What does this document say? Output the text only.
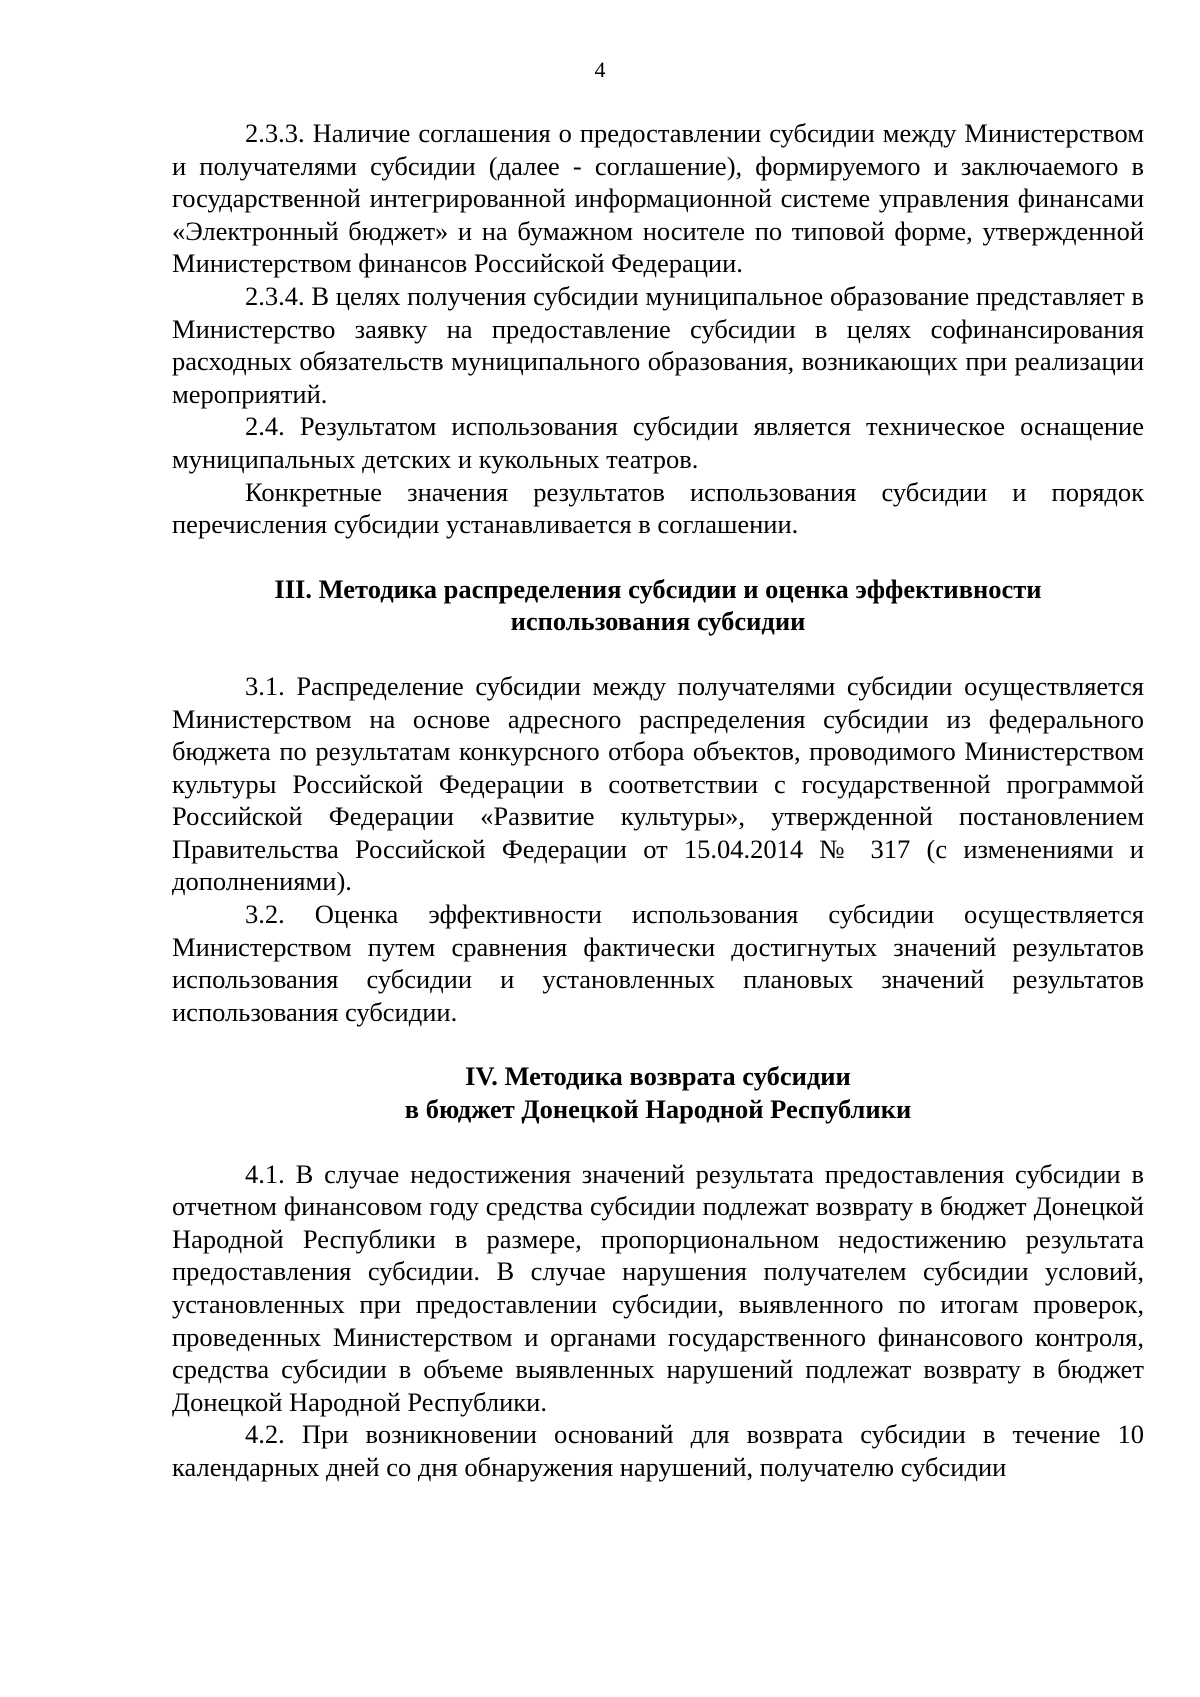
4

2.3.3. Наличие соглашения о предоставлении субсидии между Министерством и получателями субсидии (далее - соглашение), формируемого и заключаемого в государственной интегрированной информационной системе управления финансами «Электронный бюджет» и на бумажном носителе по типовой форме, утвержденной Министерством финансов Российской Федерации.

2.3.4. В целях получения субсидии муниципальное образование представляет в Министерство заявку на предоставление субсидии в целях софинансирования расходных обязательств муниципального образования, возникающих при реализации мероприятий.

2.4. Результатом использования субсидии является техническое оснащение муниципальных детских и кукольных театров.

Конкретные значения результатов использования субсидии и порядок перечисления субсидии устанавливается в соглашении.

III. Методика распределения субсидии и оценка эффективности
использования субсидии

3.1. Распределение субсидии между получателями субсидии осуществляется Министерством на основе адресного распределения субсидии из федерального бюджета по результатам конкурсного отбора объектов, проводимого Министерством культуры Российской Федерации в соответствии с государственной программой Российской Федерации «Развитие культуры», утвержденной постановлением Правительства Российской Федерации от 15.04.2014 № 317 (с изменениями и дополнениями).

3.2. Оценка эффективности использования субсидии осуществляется Министерством путем сравнения фактически достигнутых значений результатов использования субсидии и установленных плановых значений результатов использования субсидии.

IV. Методика возврата субсидии
в бюджет Донецкой Народной Республики

4.1. В случае недостижения значений результата предоставления субсидии в отчетном финансовом году средства субсидии подлежат возврату в бюджет Донецкой Народной Республики в размере, пропорциональном недостижению результата предоставления субсидии. В случае нарушения получателем субсидии условий, установленных при предоставлении субсидии, выявленного по итогам проверок, проведенных Министерством и органами государственного финансового контроля, средства субсидии в объеме выявленных нарушений подлежат возврату в бюджет Донецкой Народной Республики.

4.2. При возникновении оснований для возврата субсидии в течение 10 календарных дней со дня обнаружения нарушений, получателю субсидии
